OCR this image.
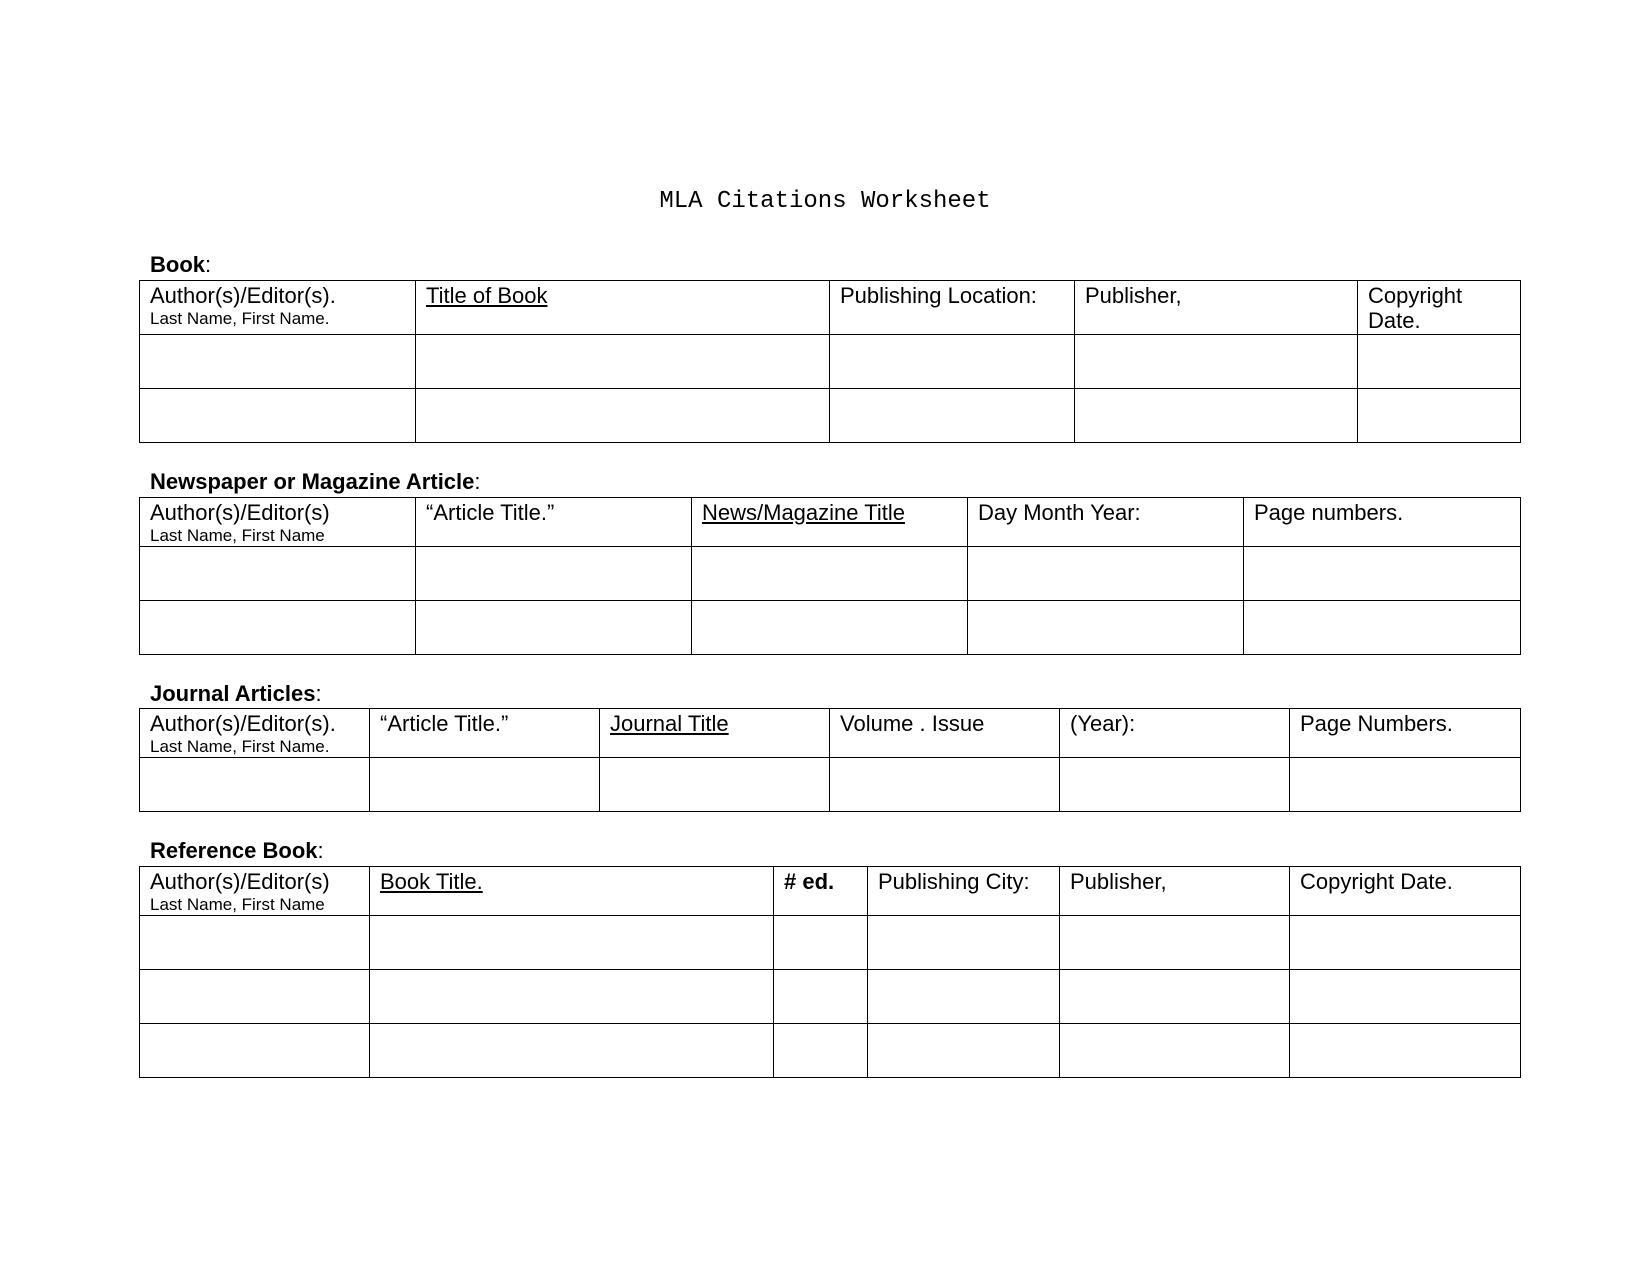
MLA Citations Worksheet
Book:
Author(s)/Editor(s).
Last Name, First Name.	Title of Book	Publishing Location:	Publisher,	Copyright Date.

Newspaper or Magazine Article:
Author(s)/Editor(s)
Last Name, First Name	“Article Title.”	News/Magazine Title	Day Month Year:	Page numbers.

Journal Articles:
Author(s)/Editor(s).
Last Name, First Name.	“Article Title.”	Journal Title	Volume . Issue	(Year):	Page Numbers.

Reference Book:
Author(s)/Editor(s)
Last Name, First Name	Book Title.	# ed.	Publishing City:	Publisher,	Copyright Date.
